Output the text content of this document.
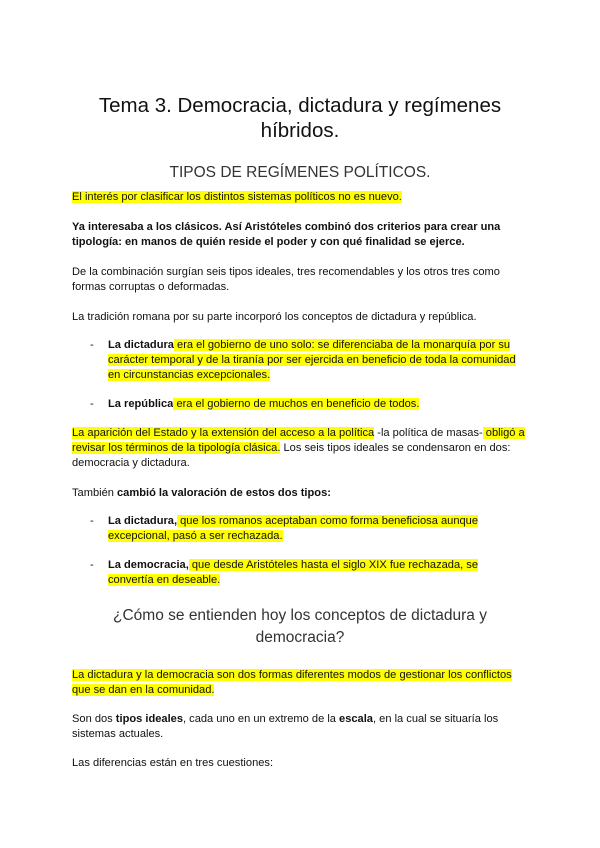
Tema 3. Democracia, dictadura y regímenes
híbridos.
TIPOS DE REGÍMENES POLÍTICOS.
El interés por clasificar los distintos sistemas políticos no es nuevo.
Ya interesaba a los clásicos. Así Aristóteles combinó dos criterios para crear una
tipología: en manos de quién reside el poder y con qué finalidad se ejerce.
De la combinación surgían seis tipos ideales, tres recomendables y los otros tres como
formas corruptas o deformadas.
La tradición romana por su parte incorporó los conceptos de dictadura y república.
- La dictadura era el gobierno de uno solo: se diferenciaba de la monarquía por su
carácter temporal y de la tiranía por ser ejercida en beneficio de toda la comunidad
en circunstancias excepcionales.
- La república era el gobierno de muchos en beneficio de todos.
La aparición del Estado y la extensión del acceso a la política -la política de masas- obligó a
revisar los términos de la tipología clásica. Los seis tipos ideales se condensaron en dos:
democracia y dictadura.
También cambió la valoración de estos dos tipos:
- La dictadura, que los romanos aceptaban como forma beneficiosa aunque
excepcional, pasó a ser rechazada.
- La democracia, que desde Aristóteles hasta el siglo XIX fue rechazada, se
convertía en deseable.
¿Cómo se entienden hoy los conceptos de dictadura y
democracia?
La dictadura y la democracia son dos formas diferentes modos de gestionar los conflictos
que se dan en la comunidad.
Son dos tipos ideales, cada uno en un extremo de la escala, en la cual se situaría los
sistemas actuales.
Las diferencias están en tres cuestiones:
